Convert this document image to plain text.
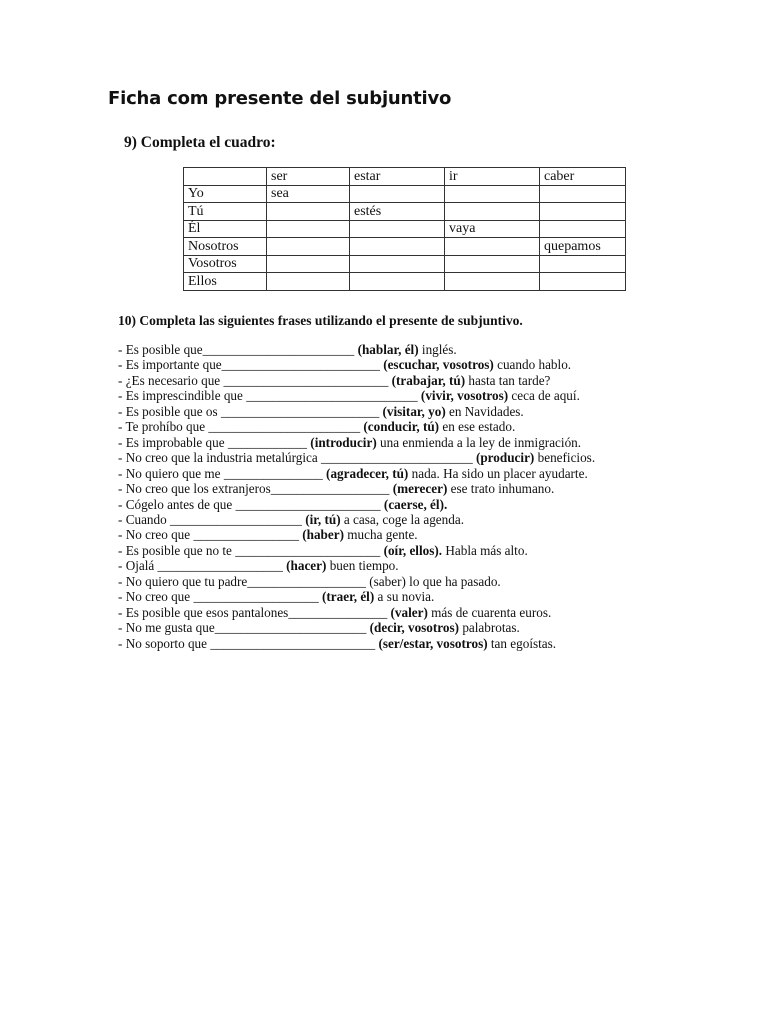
Ficha com presente del subjuntivo
9) Completa el cuadro:
	ser	estar	ir	caber
Yo	sea			
Tú		estés		
Él			vaya	
Nosotros				quepamos
Vosotros				
Ellos				
10) Completa las siguientes frases utilizando el presente de subjuntivo.
- Es posible que_______________________ (hablar, él) inglés.
- Es importante que________________________ (escuchar, vosotros) cuando hablo.
- ¿Es necesario que _________________________ (trabajar, tú) hasta tan tarde?
- Es imprescindible que __________________________ (vivir, vosotros) ceca de aquí.
- Es posible que os ________________________ (visitar, yo) en Navidades.
- Te prohíbo que _______________________ (conducir, tú) en ese estado.
- Es improbable que ____________ (introducir) una enmienda a la ley de inmigración.
- No creo que la industria metalúrgica _______________________ (producir) beneficios.
- No quiero que me _______________ (agradecer, tú) nada. Ha sido un placer ayudarte.
- No creo que los extranjeros__________________ (merecer) ese trato inhumano.
- Cógelo antes de que ______________________ (caerse, él).
- Cuando ____________________ (ir, tú) a casa, coge la agenda.
- No creo que ________________ (haber) mucha gente.
- Es posible que no te ______________________ (oír, ellos). Habla más alto.
- Ojalá ___________________ (hacer) buen tiempo.
- No quiero que tu padre__________________ (saber) lo que ha pasado.
- No creo que ___________________ (traer, él) a su novia.
- Es posible que esos pantalones_______________ (valer) más de cuarenta euros.
- No me gusta que_______________________ (decir, vosotros) palabrotas.
- No soporto que _________________________ (ser/estar, vosotros) tan egoístas.
